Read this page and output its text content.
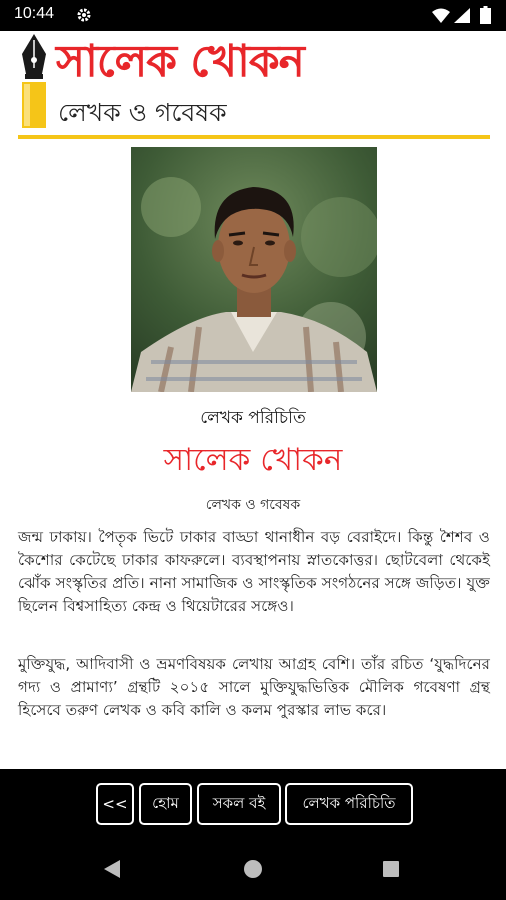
10:44
সালেক খোকন
লেখক ও গবেষক
লেখক পরিচিতি
সালেক খোকন
লেখক ও গবেষক
জন্ম ঢাকায়। পৈতৃক ভিটে ঢাকার বাড্ডা থানাধীন বড় বেরাইদে। কিন্তু শৈশব ও কৈশোর কেটেছে ঢাকার কাফরুলে। ব্যবস্থাপনায় স্নাতকোত্তর। ছোটবেলা থেকেই ঝোঁক সংস্কৃতির প্রতি। নানা সামাজিক ও সাংস্কৃতিক সংগঠনের সঙ্গে জড়িত। যুক্ত ছিলেন বিশ্বসাহিত্য কেন্দ্র ও থিয়েটারের সঙ্গেও।
মুক্তিযুদ্ধ, আদিবাসী ও ভ্রমণবিষয়ক লেখায় আগ্রহ বেশি। তাঁর রচিত ‘যুদ্ধদিনের গদ্য ও প্রামাণ্য’ গ্রন্থটি ২০১৫ সালে মুক্তিযুদ্ধভিত্তিক মৌলিক গবেষণা গ্রন্থ হিসেবে তরুণ লেখক ও কবি কালি ও কলম পুরস্কার লাভ করে।
<<	হোম	সকল বই	লেখক পরিচিতি
